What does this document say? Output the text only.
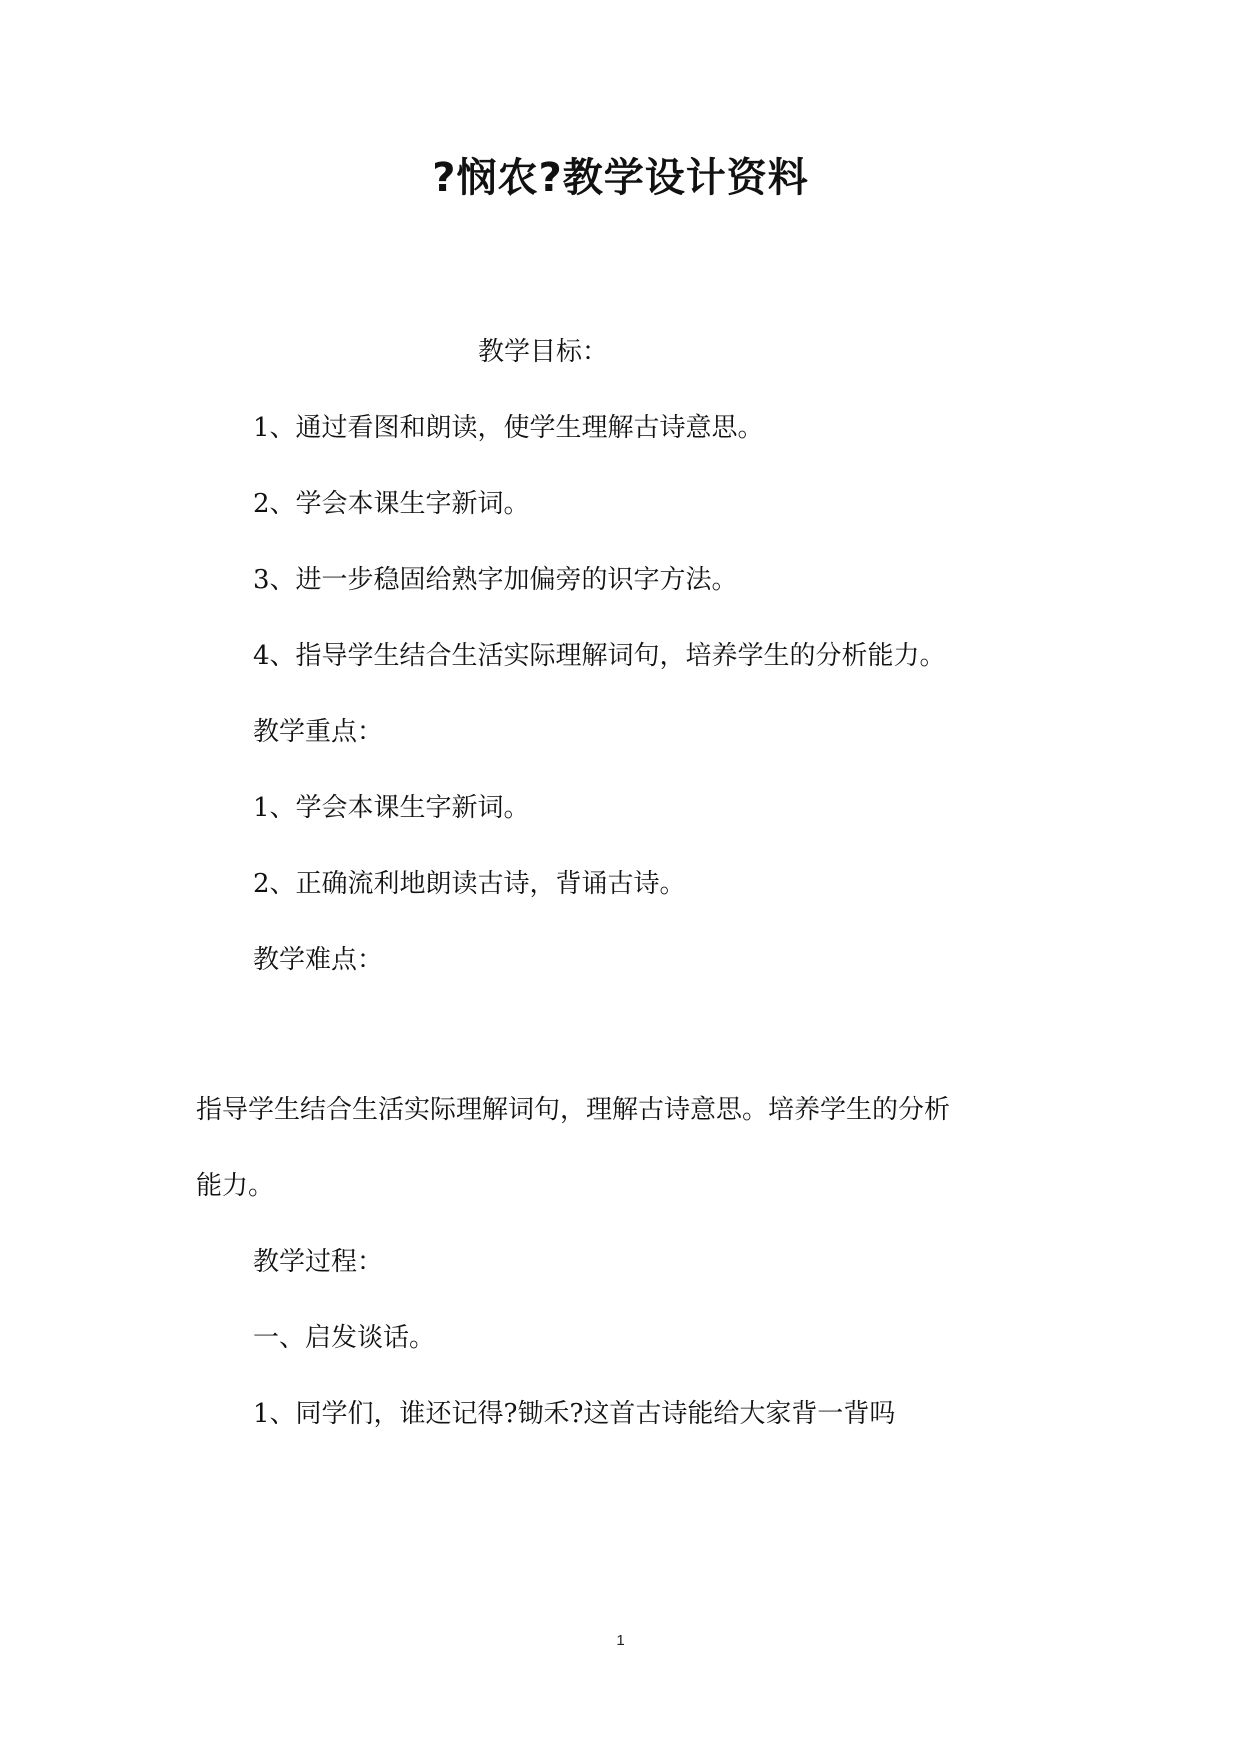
?悯农?教学设计资料
教学目标：
1、通过看图和朗读，使学生理解古诗意思。
2、学会本课生字新词。
3、进一步稳固给熟字加偏旁的识字方法。
4、指导学生结合生活实际理解词句，培养学生的分析能力。
教学重点：
1、学会本课生字新词。
2、正确流利地朗读古诗，背诵古诗。
教学难点：
指导学生结合生活实际理解词句，理解古诗意思。培养学生的分析
能力。
教学过程：
一、启发谈话。
1、同学们，谁还记得?锄禾?这首古诗能给大家背一背吗
1
